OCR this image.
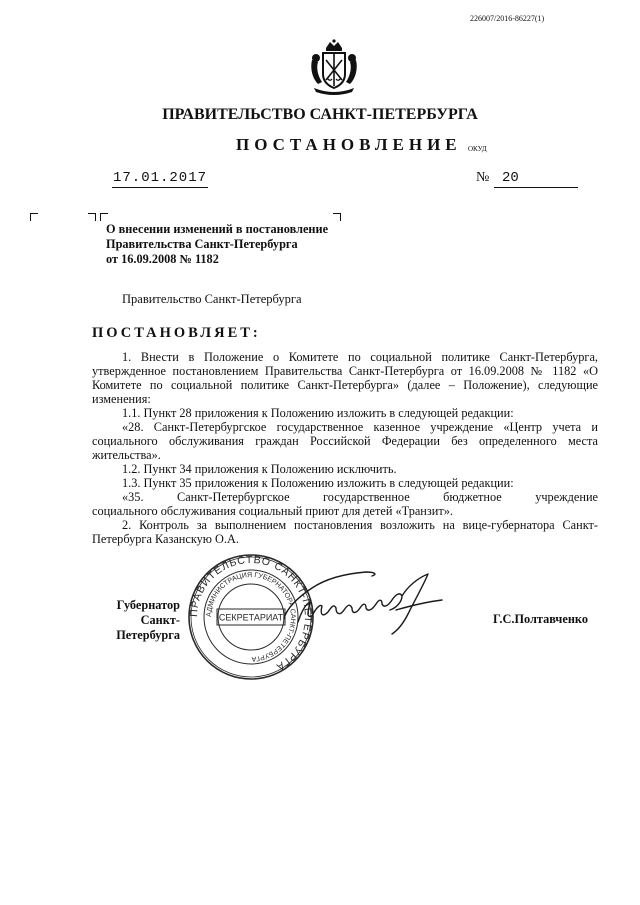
226007/2016-86227(1)
ПРАВИТЕЛЬСТВО САНКТ-ПЕТЕРБУРГА
ПОСТАНОВЛЕНИЕ ОКУД
17.01.2017	№ 20
О внесении изменений в постановление
Правительства Санкт-Петербурга
от 16.09.2008 № 1182
Правительство Санкт-Петербурга
ПОСТАНОВЛЯЕТ:

1. Внести в Положение о Комитете по социальной политике Санкт-Петербурга, утвержденное постановлением Правительства Санкт-Петербурга от 16.09.2008 № 1182 «О Комитете по социальной политике Санкт-Петербурга» (далее – Положение), следующие изменения:

1.1. Пункт 28 приложения к Положению изложить в следующей редакции:

«28. Санкт-Петербургское государственное казенное учреждение «Центр учета и социального обслуживания граждан Российской Федерации без определенного места жительства».

1.2. Пункт 34 приложения к Положению исключить.

1.3. Пункт 35 приложения к Положению изложить в следующей редакции:

«35. Санкт-Петербургское государственное бюджетное учреждение

социального обслуживания социальный приют для детей «Транзит».

2. Контроль за выполнением постановления возложить на вице-губернатора Санкт-Петербурга Казанскую О.А.

Губернатор
Санкт-Петербурга
ПРАВИТЕЛЬСТВО САНКТ-ПЕТЕРБУРГА
АДМИНИСТРАЦИЯ ГУБЕРНАТОРА САНКТ-ПЕТЕРБУРГА
СЕКРЕТАРИАТ	Г.С.Полтавченко
